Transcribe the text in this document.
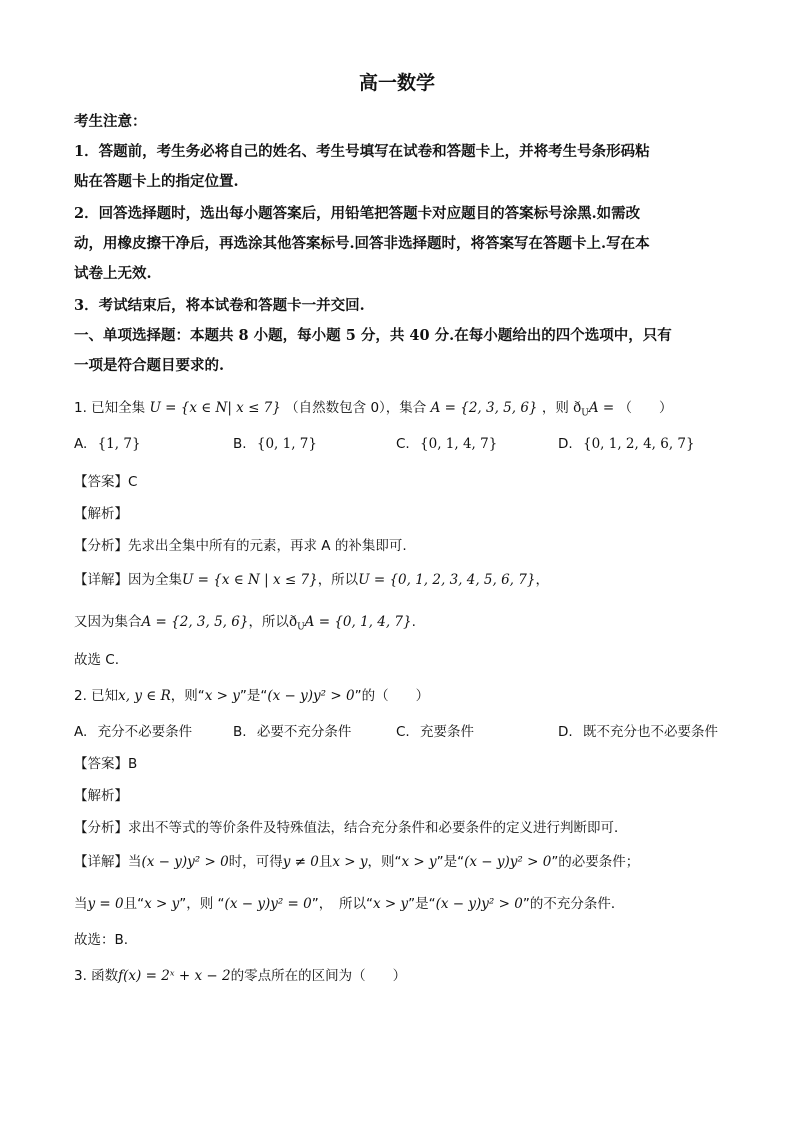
高一数学
考生注意：
1．答题前，考生务必将自己的姓名、考生号填写在试卷和答题卡上，并将考生号条形码粘
贴在答题卡上的指定位置.
2．回答选择题时，选出每小题答案后，用铅笔把答题卡对应题目的答案标号涂黑.如需改
动，用橡皮擦干净后，再选涂其他答案标号.回答非选择题时，将答案写在答题卡上.写在本
试卷上无效.
3．考试结束后，将本试卷和答题卡一并交回.
一、单项选择题：本题共 8 小题，每小题 5 分，共 40 分.在每小题给出的四个选项中，只有
一项是符合题目要求的.
1. 已知全集 U = {x ∈ N| x ≤ 7} （自然数包含 0），集合 A = {2, 3, 5, 6} ，则 $ð_UA$ = （　　）
A. {1, 7}	B. {0, 1, 7}	C. {0, 1, 4, 7}	D. {0, 1, 2, 4, 6, 7}
【答案】C
【解析】
【分析】先求出全集中所有的元素，再求 A 的补集即可.
【详解】因为全集U = {x ∈ N | x ≤ 7}，所以U = {0, 1, 2, 3, 4, 5, 6, 7}，
又因为集合A = {2, 3, 5, 6}，所以$ð_UA = \{0$, 1, 4, 7}.
故选 C.
2. 已知x, y ∈ R，则“x > y”是“(x − y)y² > 0”的（　　）
A. 充分不必要条件	B. 必要不充分条件	C. 充要条件	D. 既不充分也不必要条件
【答案】B
【解析】
【分析】求出不等式的等价条件及特殊值法，结合充分条件和必要条件的定义进行判断即可．
【详解】当(x − y)y² > 0时，可得y ≠ 0且x > y，则“x > y”是“(x − y)y² > 0”的必要条件；
当y = 0且“x > y”，则 “(x − y)y² = 0”，　所以“x > y”是“(x − y)y² > 0”的不充分条件．
故选：B.
3. 函数f(x) = 2ˣ + x − 2的零点所在的区间为（　　）
